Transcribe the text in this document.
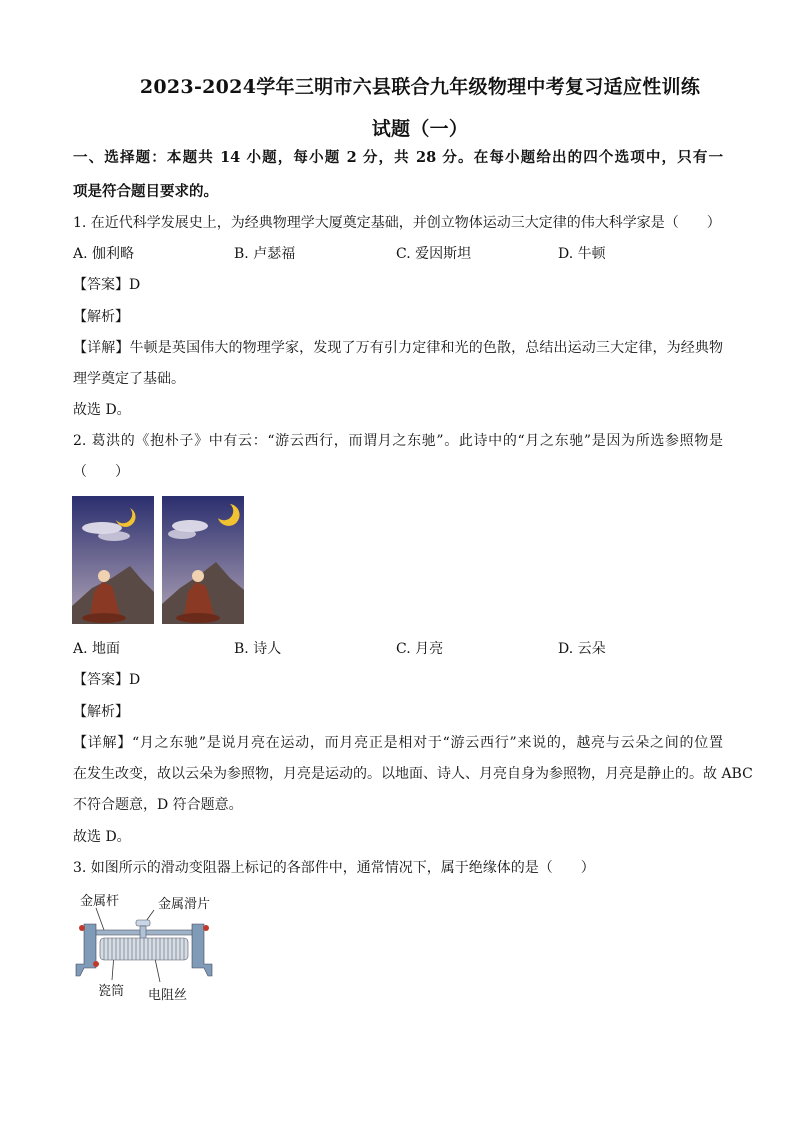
2023-2024学年三明市六县联合九年级物理中考复习适应性训练
试题（一）
一、选择题：本题共 14 小题，每小题 2 分，共 28 分。在每小题给出的四个选项中，只有一
项是符合题目要求的。
1. 在近代科学发展史上，为经典物理学大厦奠定基础，并创立物体运动三大定律的伟大科学家是（　　）
A. 伽利略	B. 卢瑟福	C. 爱因斯坦	D. 牛顿
【答案】D
【解析】
【详解】牛顿是英国伟大的物理学家，发现了万有引力定律和光的色散，总结出运动三大定律，为经典物
理学奠定了基础。
故选 D。
2. 葛洪的《抱朴子》中有云：“游云西行，而谓月之东驰”。此诗中的“月之东驰”是因为所选参照物是
（　　）
A. 地面	B. 诗人	C. 月亮	D. 云朵
【答案】D
【解析】
【详解】“月之东驰”是说月亮在运动，而月亮正是相对于“游云西行”来说的，越亮与云朵之间的位置
在发生改变，故以云朵为参照物，月亮是运动的。以地面、诗人、月亮自身为参照物，月亮是静止的。故 ABC
不符合题意，D 符合题意。
故选 D。
3. 如图所示的滑动变阻器上标记的各部件中，通常情况下，属于绝缘体的是（　　）
金属杆	金属滑片
瓷筒 电阻丝
